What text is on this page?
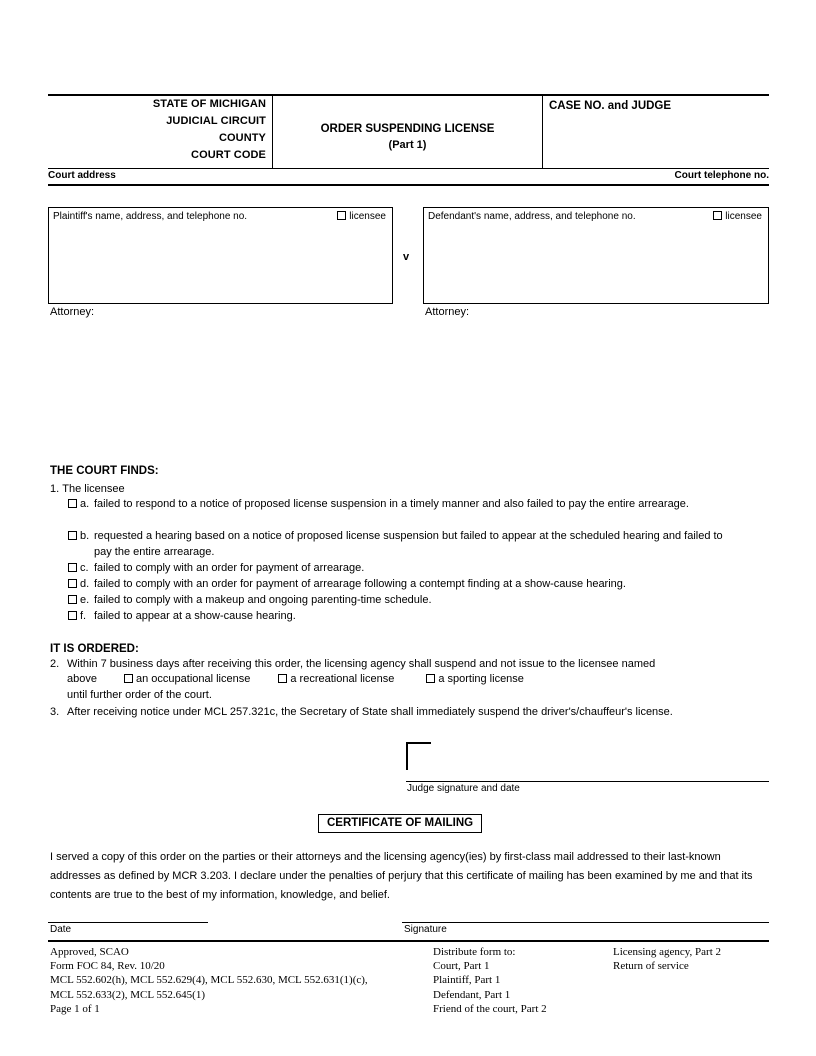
STATE OF MICHIGAN
JUDICIAL CIRCUIT
COUNTY
COURT CODE
ORDER SUSPENDING LICENSE
(Part 1)
CASE NO. and JUDGE
Court address	Court telephone no.
Plaintiff's name, address, and telephone no.	licensee
v
Defendant's name, address, and telephone no.	licensee
Attorney:	Attorney:
THE COURT FINDS:
1. The licensee
a. failed to respond to a notice of proposed license suspension in a timely manner and also failed to pay the entire arrearage.
b. requested a hearing based on a notice of proposed license suspension but failed to appear at the scheduled hearing and failed to pay the entire arrearage.
c. failed to comply with an order for payment of arrearage.
d. failed to comply with an order for payment of arrearage following a contempt finding at a show-cause hearing.
e. failed to comply with a makeup and ongoing parenting-time schedule.
f. failed to appear at a show-cause hearing.
IT IS ORDERED:
2. Within 7 business days after receiving this order, the licensing agency shall suspend and not issue to the licensee named
above	an occupational license	a recreational license	a sporting license
until further order of the court.
3. After receiving notice under MCL 257.321c, the Secretary of State shall immediately suspend the driver's/chauffeur's license.
Judge signature and date
CERTIFICATE OF MAILING
I served a copy of this order on the parties or their attorneys and the licensing agency(ies) by first-class mail addressed to their last-known addresses as defined by MCR 3.203. I declare under the penalties of perjury that this certificate of mailing has been examined by me and that its contents are true to the best of my information, knowledge, and belief.
Date	Signature
Approved, SCAO
Form FOC 84, Rev. 10/20
MCL 552.602(h), MCL 552.629(4), MCL 552.630, MCL 552.631(1)(c),
MCL 552.633(2), MCL 552.645(1)
Page 1 of 1
Distribute form to:
Court, Part 1
Plaintiff, Part 1
Defendant, Part 1
Friend of the court, Part 2
Licensing agency, Part 2
Return of service
